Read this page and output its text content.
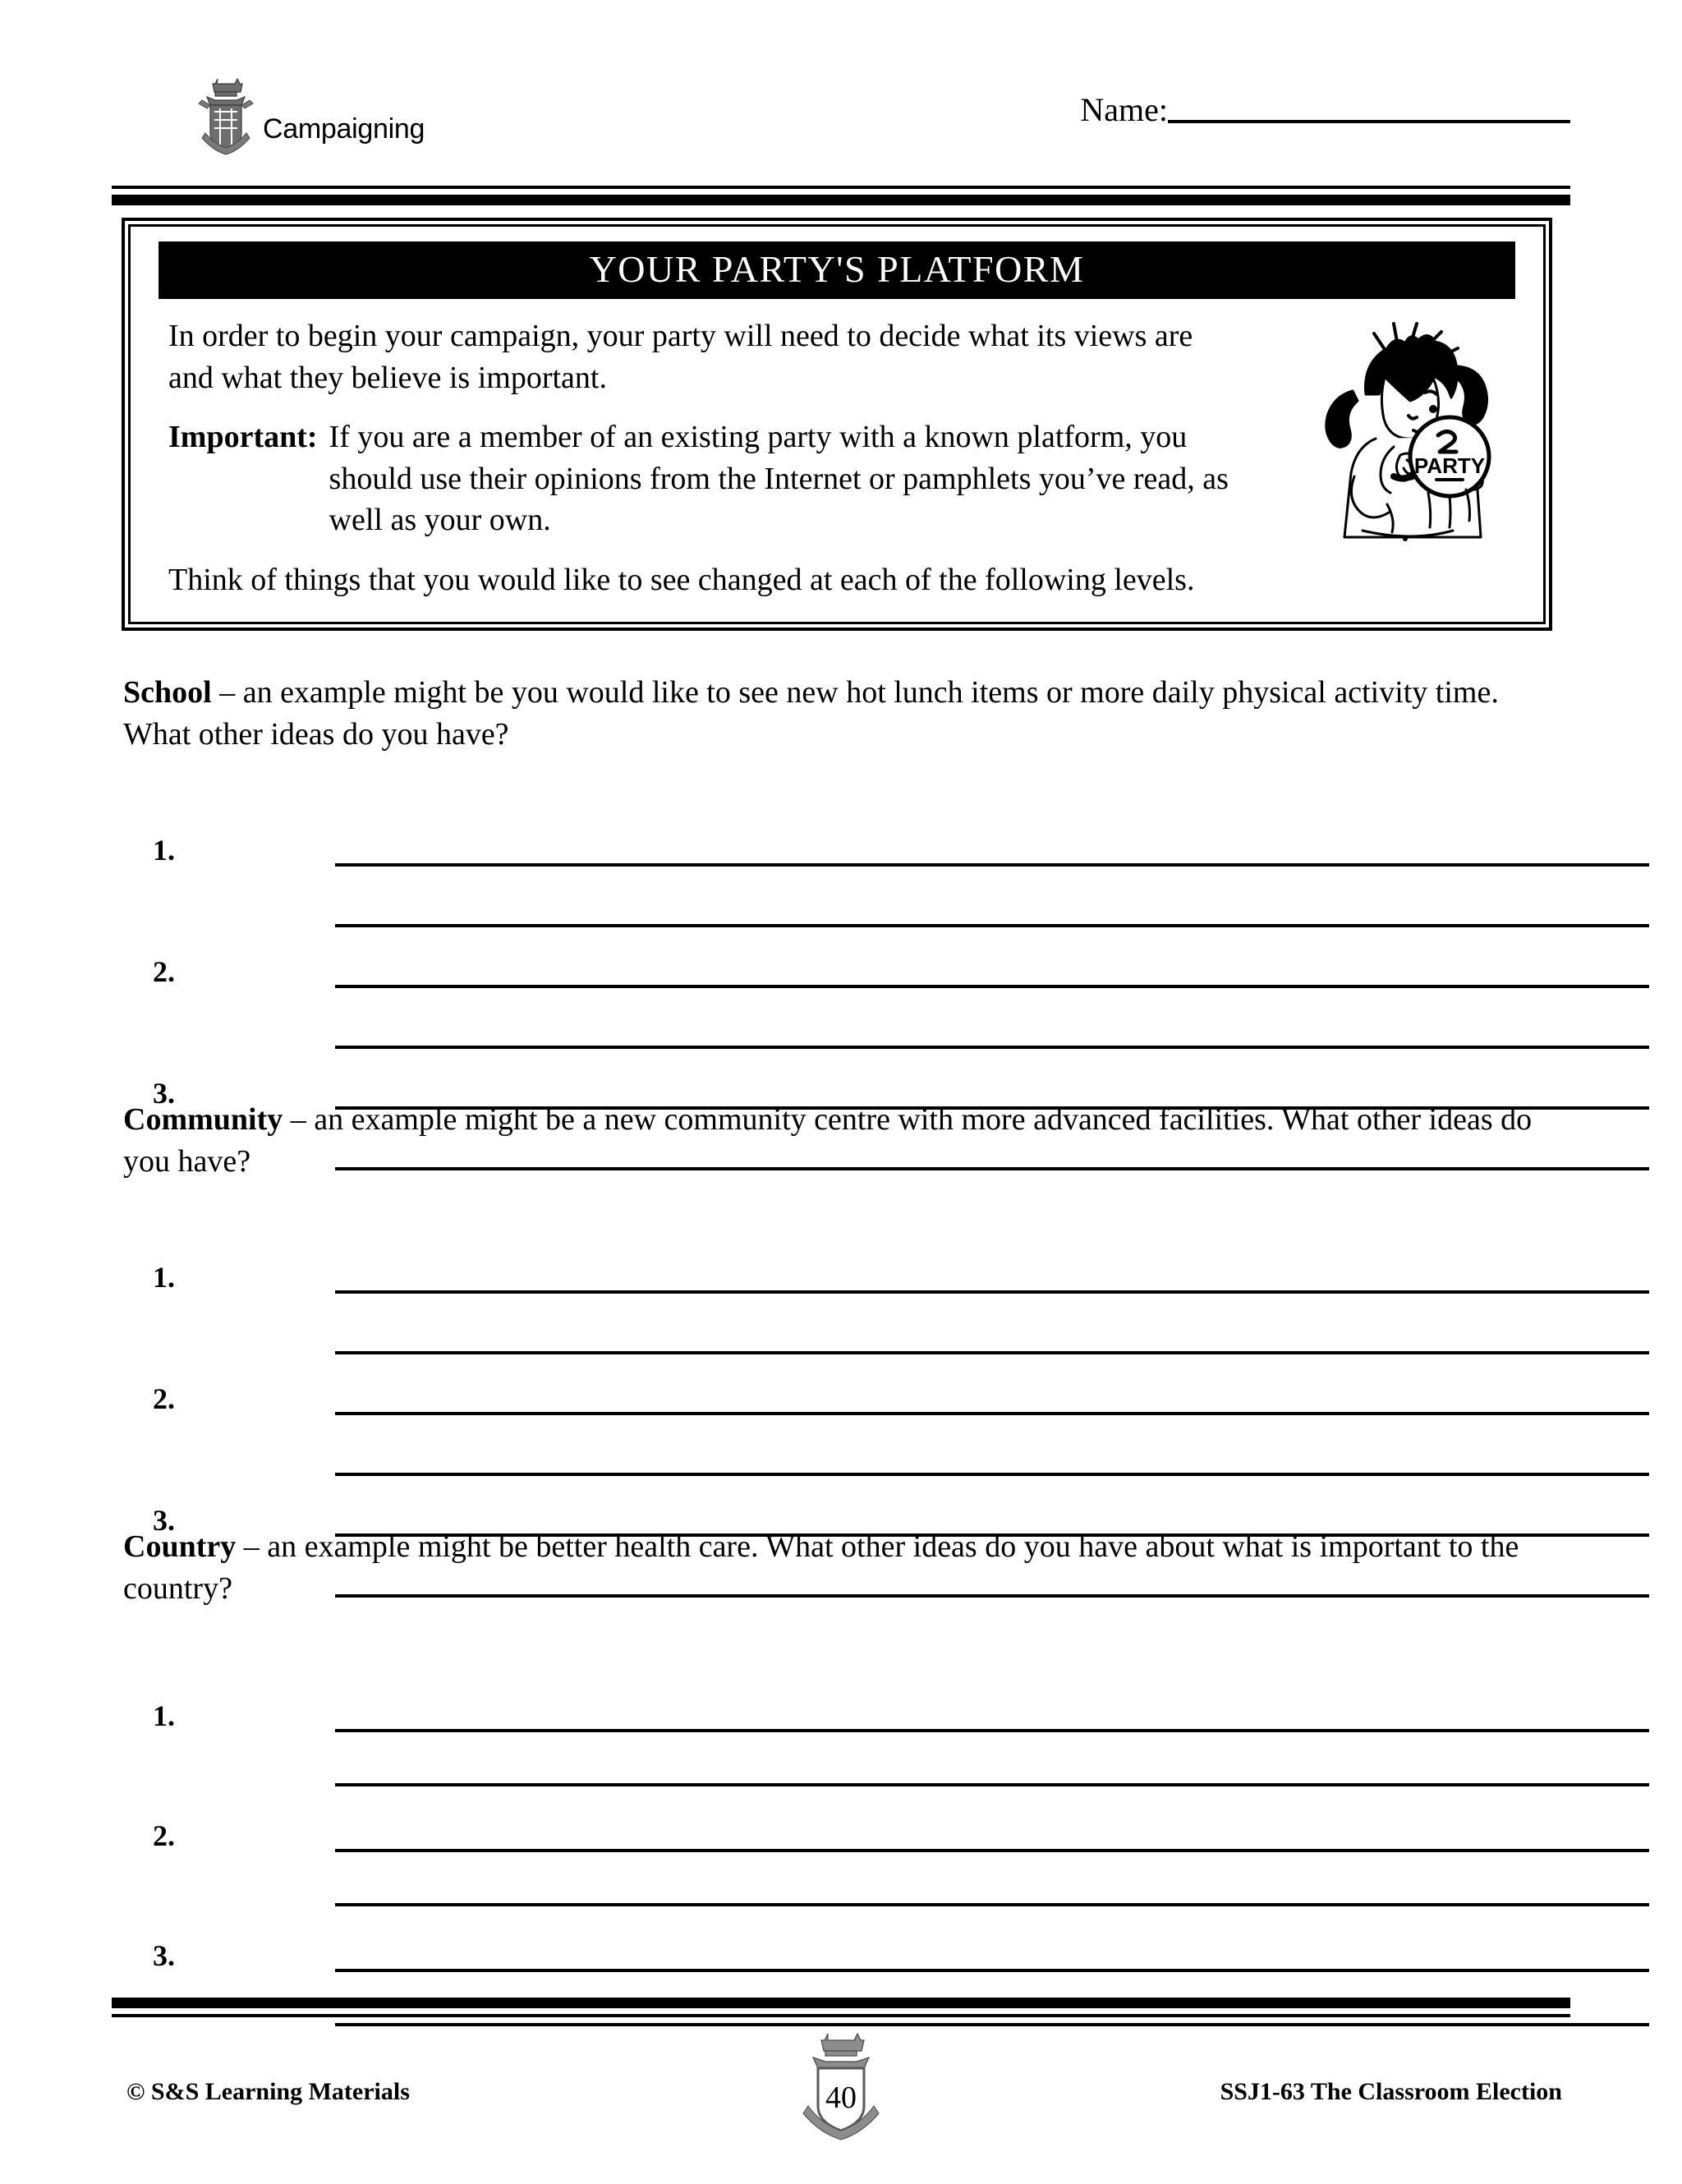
Campaigning
Name:
YOUR PARTY'S PLATFORM
PARTY

In order to begin your campaign, your party will need to decide what its views are and what they believe is important.

Important: If you are a member of an existing party with a known platform, you should use their opinions from the Internet or pamphlets you’ve read, as well as your own.

Think of things that you would like to see changed at each of the following levels.

School – an example might be you would like to see new hot lunch items or more daily physical activity time. What other ideas do you have?

1.
2.
3.

Community – an example might be a new community centre with more advanced facilities. What other ideas do you have?

1.
2.
3.

Country – an example might be better health care. What other ideas do you have about what is important to the country?

1.
2.
3.
© S&S Learning Materials	40	SSJ1-63 The Classroom Election
